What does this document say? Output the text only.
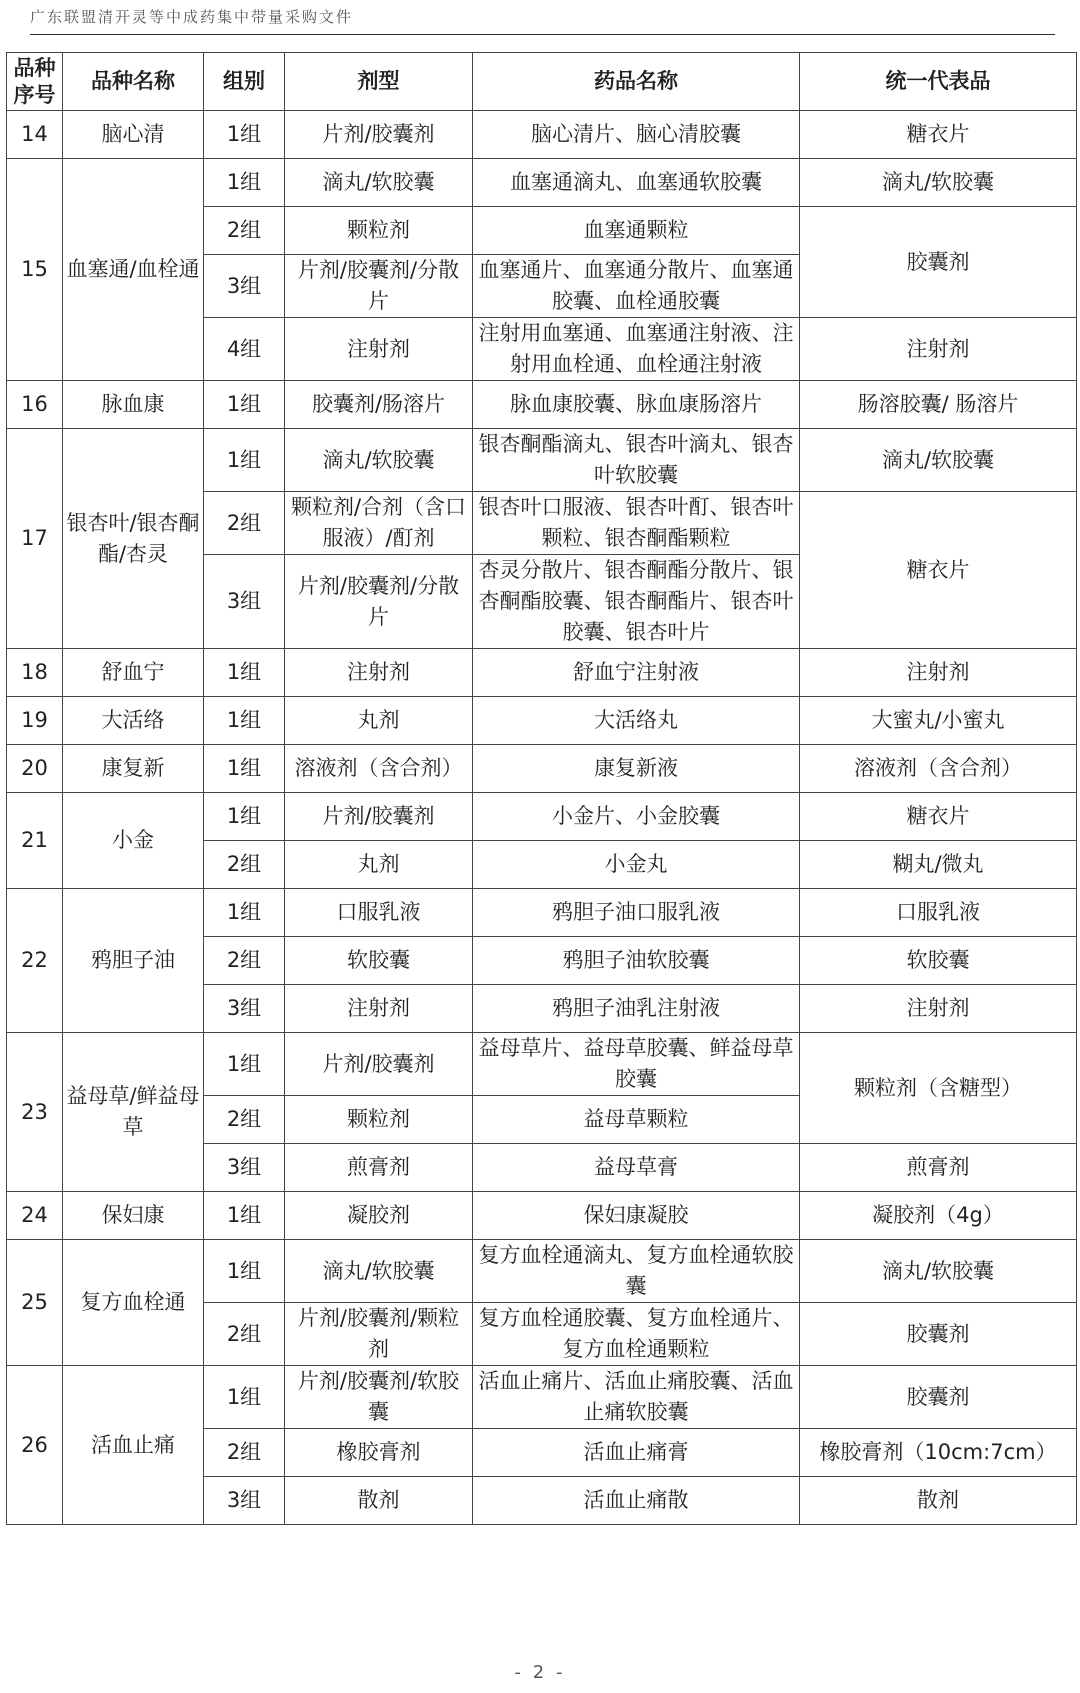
广东联盟清开灵等中成药集中带量采购文件
品种
序号	品种名称	组别	剂型	药品名称	统一代表品
14	脑心清	1组	片剂/胶囊剂	脑心清片、脑心清胶囊	糖衣片
15	血塞通/血栓通	1组	滴丸/软胶囊	血塞通滴丸、血塞通软胶囊	滴丸/软胶囊
		2组	颗粒剂	血塞通颗粒	胶囊剂
		3组	片剂/胶囊剂/分散片	血塞通片、血塞通分散片、血塞通胶囊、血栓通胶囊	
		4组	注射剂	注射用血塞通、血塞通注射液、注射用血栓通、血栓通注射液	注射剂
16	脉血康	1组	胶囊剂/肠溶片	脉血康胶囊、脉血康肠溶片	肠溶胶囊/ 肠溶片
17	银杏叶/银杏酮酯/杏灵	1组	滴丸/软胶囊	银杏酮酯滴丸、银杏叶滴丸、银杏叶软胶囊	滴丸/软胶囊
		2组	颗粒剂/合剂（含口服液）/酊剂	银杏叶口服液、银杏叶酊、银杏叶颗粒、银杏酮酯颗粒	糖衣片
		3组	片剂/胶囊剂/分散片	杏灵分散片、银杏酮酯分散片、银杏酮酯胶囊、银杏酮酯片、银杏叶胶囊、银杏叶片	
18	舒血宁	1组	注射剂	舒血宁注射液	注射剂
19	大活络	1组	丸剂	大活络丸	大蜜丸/小蜜丸
20	康复新	1组	溶液剂（含合剂）	康复新液	溶液剂（含合剂）
21	小金	1组	片剂/胶囊剂	小金片、小金胶囊	糖衣片
		2组	丸剂	小金丸	糊丸/微丸
22	鸦胆子油	1组	口服乳液	鸦胆子油口服乳液	口服乳液
		2组	软胶囊	鸦胆子油软胶囊	软胶囊
		3组	注射剂	鸦胆子油乳注射液	注射剂
23	益母草/鲜益母草	1组	片剂/胶囊剂	益母草片、益母草胶囊、鲜益母草胶囊	颗粒剂（含糖型）
		2组	颗粒剂	益母草颗粒	
		3组	煎膏剂	益母草膏	煎膏剂
24	保妇康	1组	凝胶剂	保妇康凝胶	凝胶剂（4g）
25	复方血栓通	1组	滴丸/软胶囊	复方血栓通滴丸、复方血栓通软胶囊	滴丸/软胶囊
		2组	片剂/胶囊剂/颗粒剂	复方血栓通胶囊、复方血栓通片、复方血栓通颗粒	胶囊剂
26	活血止痛	1组	片剂/胶囊剂/软胶囊	活血止痛片、活血止痛胶囊、活血止痛软胶囊	胶囊剂
		2组	橡胶膏剂	活血止痛膏	橡胶膏剂（10cm:7cm）
		3组	散剂	活血止痛散	散剂
- 2 -
